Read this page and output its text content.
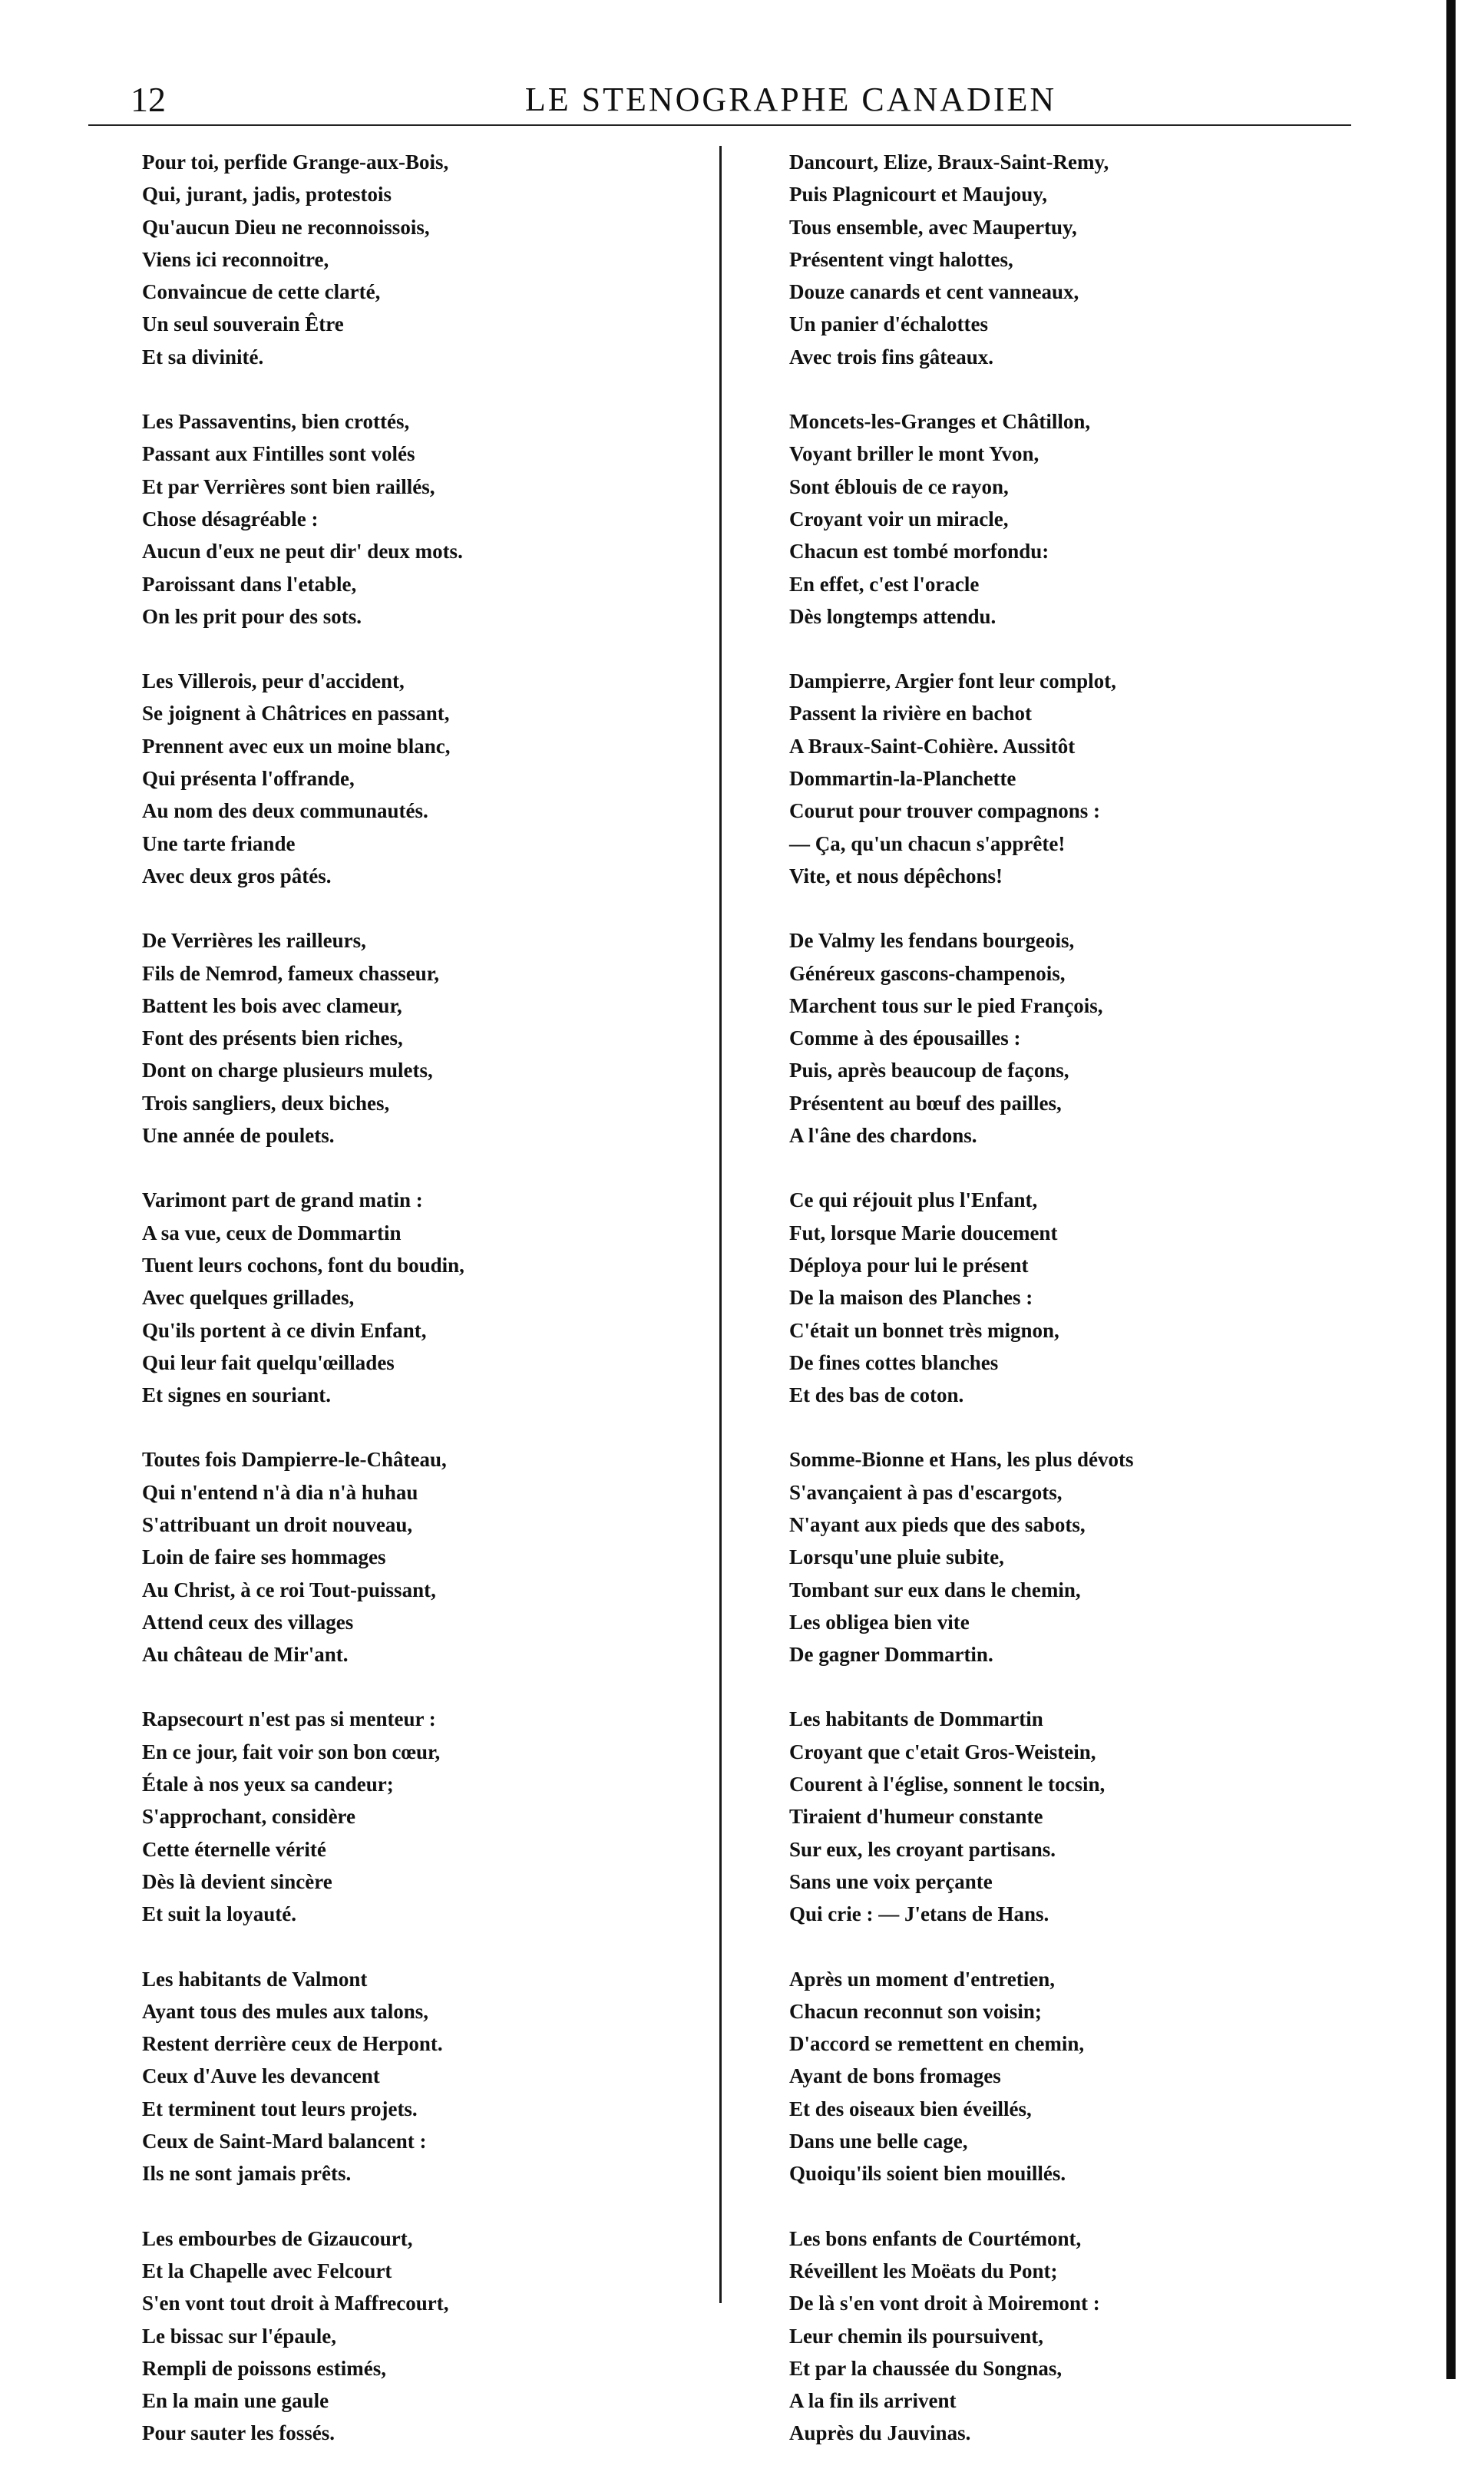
12	LE STENOGRAPHE CANADIEN
Pour toi, perfide Grange-aux-Bois,
Qui, jurant, jadis, protestois
Qu'aucun Dieu ne reconnoissois,
Viens ici reconnoitre,
Convaincue de cette clarté,
Un seul souverain Être
Et sa divinité.
Les Passaventins, bien crottés,
Passant aux Fintilles sont volés
Et par Verrières sont bien raillés,
Chose désagréable :
Aucun d'eux ne peut dir' deux mots.
Paroissant dans l'etable,
On les prit pour des sots.
Les Villerois, peur d'accident,
Se joignent à Châtrices en passant,
Prennent avec eux un moine blanc,
Qui présenta l'offrande,
Au nom des deux communautés.
Une tarte friande
Avec deux gros pâtés.
De Verrières les railleurs,
Fils de Nemrod, fameux chasseur,
Battent les bois avec clameur,
Font des présents bien riches,
Dont on charge plusieurs mulets,
Trois sangliers, deux biches,
Une année de poulets.
Varimont part de grand matin :
A sa vue, ceux de Dommartin
Tuent leurs cochons, font du boudin,
Avec quelques grillades,
Qu'ils portent à ce divin Enfant,
Qui leur fait quelqu'œillades
Et signes en souriant.
Toutes fois Dampierre-le-Château,
Qui n'entend n'à dia n'à huhau
S'attribuant un droit nouveau,
Loin de faire ses hommages
Au Christ, à ce roi Tout-puissant,
Attend ceux des villages
Au château de Mir'ant.
Rapsecourt n'est pas si menteur :
En ce jour, fait voir son bon cœur,
Étale à nos yeux sa candeur;
S'approchant, considère
Cette éternelle vérité
Dès là devient sincère
Et suit la loyauté.
Les habitants de Valmont
Ayant tous des mules aux talons,
Restent derrière ceux de Herpont.
Ceux d'Auve les devancent
Et terminent tout leurs projets.
Ceux de Saint-Mard balancent :
Ils ne sont jamais prêts.
Les embourbes de Gizaucourt,
Et la Chapelle avec Felcourt
S'en vont tout droit à Maffrecourt,
Le bissac sur l'épaule,
Rempli de poissons estimés,
En la main une gaule
Pour sauter les fossés.
Dancourt, Elize, Braux-Saint-Remy,
Puis Plagnicourt et Maujouy,
Tous ensemble, avec Maupertuy,
Présentent vingt halottes,
Douze canards et cent vanneaux,
Un panier d'échalottes
Avec trois fins gâteaux.
Moncets-les-Granges et Châtillon,
Voyant briller le mont Yvon,
Sont éblouis de ce rayon,
Croyant voir un miracle,
Chacun est tombé morfondu:
En effet, c'est l'oracle
Dès longtemps attendu.
Dampierre, Argier font leur complot,
Passent la rivière en bachot
A Braux-Saint-Cohière. Aussitôt
Dommartin-la-Planchette
Courut pour trouver compagnons :
— Ça, qu'un chacun s'apprête!
Vite, et nous dépêchons!
De Valmy les fendans bourgeois,
Généreux gascons-champenois,
Marchent tous sur le pied François,
Comme à des épousailles :
Puis, après beaucoup de façons,
Présentent au bœuf des pailles,
A l'âne des chardons.
Ce qui réjouit plus l'Enfant,
Fut, lorsque Marie doucement
Déploya pour lui le présent
De la maison des Planches :
C'était un bonnet très mignon,
De fines cottes blanches
Et des bas de coton.
Somme-Bionne et Hans, les plus dévots
S'avançaient à pas d'escargots,
N'ayant aux pieds que des sabots,
Lorsqu'une pluie subite,
Tombant sur eux dans le chemin,
Les obligea bien vite
De gagner Dommartin.
Les habitants de Dommartin
Croyant que c'etait Gros-Weistein,
Courent à l'église, sonnent le tocsin,
Tiraient d'humeur constante
Sur eux, les croyant partisans.
Sans une voix perçante
Qui crie : — J'etans de Hans.
Après un moment d'entretien,
Chacun reconnut son voisin;
D'accord se remettent en chemin,
Ayant de bons fromages
Et des oiseaux bien éveillés,
Dans une belle cage,
Quoiqu'ils soient bien mouillés.
Les bons enfants de Courtémont,
Réveillent les Moëats du Pont;
De là s'en vont droit à Moiremont :
Leur chemin ils poursuivent,
Et par la chaussée du Songnas,
A la fin ils arrivent
Auprès du Jauvinas.
